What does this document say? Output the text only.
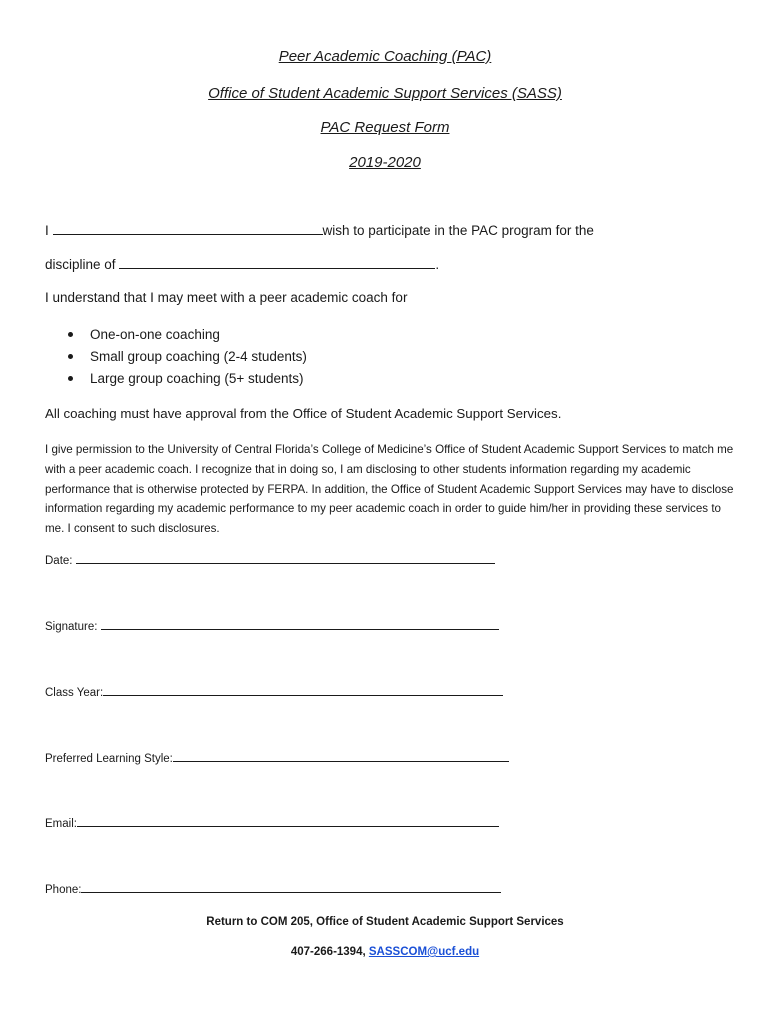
Peer Academic Coaching (PAC)
Office of Student Academic Support Services (SASS)
PAC Request Form
2019-2020
I	wish to participate in the PAC program for the
discipline of	.
I understand that I may meet with a peer academic coach for
One-on-one coaching
Small group coaching (2-4 students)
Large group coaching (5+ students)
All coaching must have approval from the Office of Student Academic Support Services.
I give permission to the University of Central Florida’s College of Medicine’s Office of Student Academic Support Services to match me with a peer academic coach. I recognize that in doing so, I am disclosing to other students information regarding my academic performance that is otherwise protected by FERPA. In addition, the Office of Student Academic Support Services may have to disclose information regarding my academic performance to my peer academic coach in order to guide him/her in providing these services to me. I consent to such disclosures.
Date:
Signature:
Class Year:
Preferred Learning Style:
Email:
Phone:
Return to COM 205, Office of Student Academic Support Services
407-266-1394, SASSCOM@ucf.edu
